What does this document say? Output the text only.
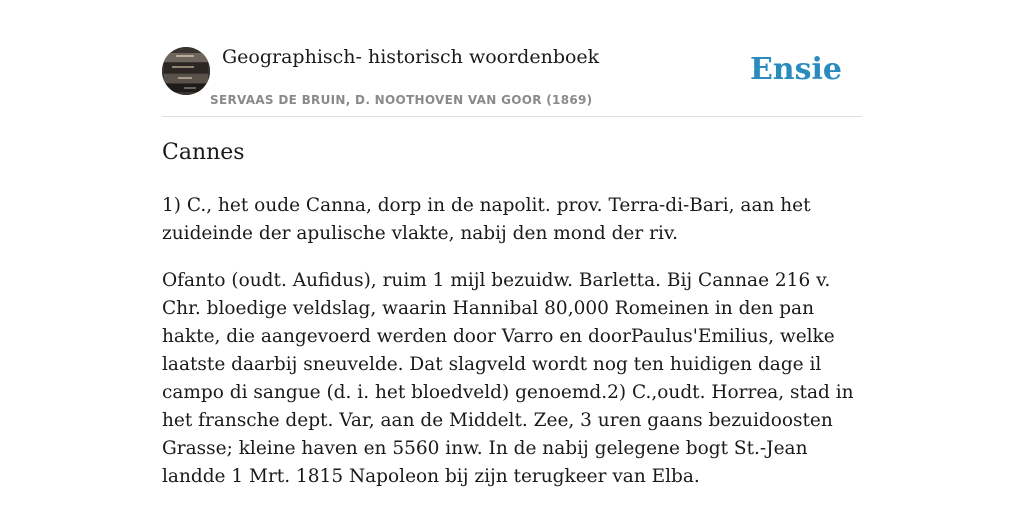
Geographisch- historisch woordenboek
SERVAAS DE BRUIN, D. NOOTHOVEN VAN GOOR (1869)
Ensie
Cannes

1) C., het oude Canna, dorp in de napolit. prov. Terra-di-Bari, aan het zuideinde der apulische vlakte, nabij den mond der riv.

Ofanto (oudt. Aufidus), ruim 1 mijl bezuidw. Barletta. Bij Cannae 216 v. Chr. bloedige veldslag, waarin Hannibal 80,000 Romeinen in den pan hakte, die aangevoerd werden door Varro en doorPaulus'Emilius, welke laatste daarbij sneuvelde. Dat slagveld wordt nog ten huidigen dage il campo di sangue (d. i. het bloedveld) genoemd.2) C.,oudt. Horrea, stad in het fransche dept. Var, aan de Middelt. Zee, 3 uren gaans bezuidoosten Grasse; kleine haven en 5560 inw. In de nabij gelegene bogt St.-Jean landde 1 Mrt. 1815 Napoleon bij zijn terugkeer van Elba.
